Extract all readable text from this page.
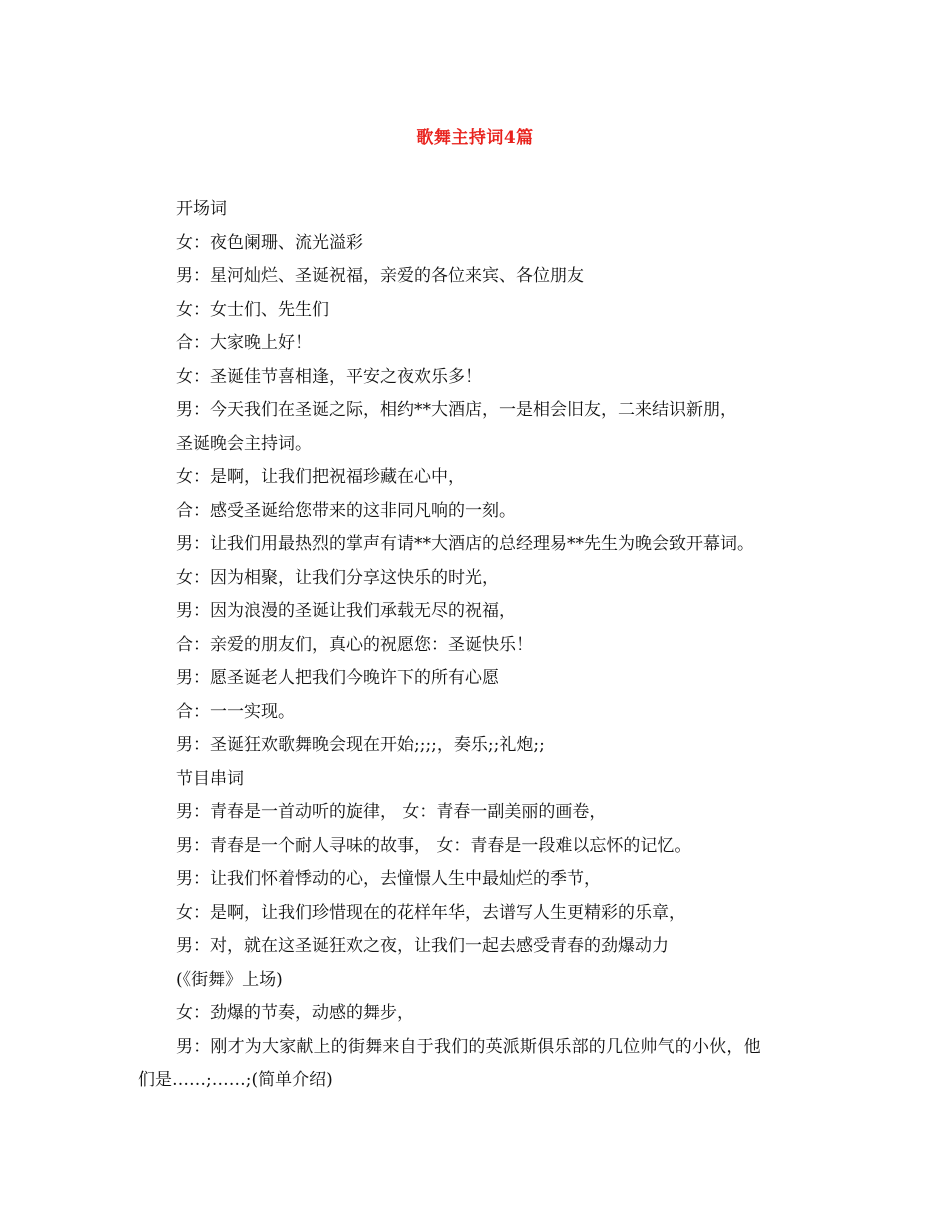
歌舞主持词4篇
开场词
女：夜色阑珊、流光溢彩
男：星河灿烂、圣诞祝福，亲爱的各位来宾、各位朋友
女：女士们、先生们
合：大家晚上好！
女：圣诞佳节喜相逢，平安之夜欢乐多！
男：今天我们在圣诞之际，相约**大酒店，一是相会旧友，二来结识新朋，
圣诞晚会主持词。
女：是啊，让我们把祝福珍藏在心中，
合：感受圣诞给您带来的这非同凡响的一刻。
男：让我们用最热烈的掌声有请**大酒店的总经理易**先生为晚会致开幕词。
女：因为相聚，让我们分享这快乐的时光，
男：因为浪漫的圣诞让我们承载无尽的祝福，
合：亲爱的朋友们，真心的祝愿您：圣诞快乐！
男：愿圣诞老人把我们今晚许下的所有心愿
合：一一实现。
男：圣诞狂欢歌舞晚会现在开始;;;;，奏乐;;礼炮;;
节目串词
男：青春是一首动听的旋律， 女：青春一副美丽的画卷，
男：青春是一个耐人寻味的故事， 女：青春是一段难以忘怀的记忆。
男：让我们怀着悸动的心，去憧憬人生中最灿烂的季节，
女：是啊，让我们珍惜现在的花样年华，去谱写人生更精彩的乐章，
男：对，就在这圣诞狂欢之夜，让我们一起去感受青春的劲爆动力
(《街舞》上场)
女：劲爆的节奏，动感的舞步，
男：刚才为大家献上的街舞来自于我们的英派斯俱乐部的几位帅气的小伙，他
们是……;……;(简单介绍)
